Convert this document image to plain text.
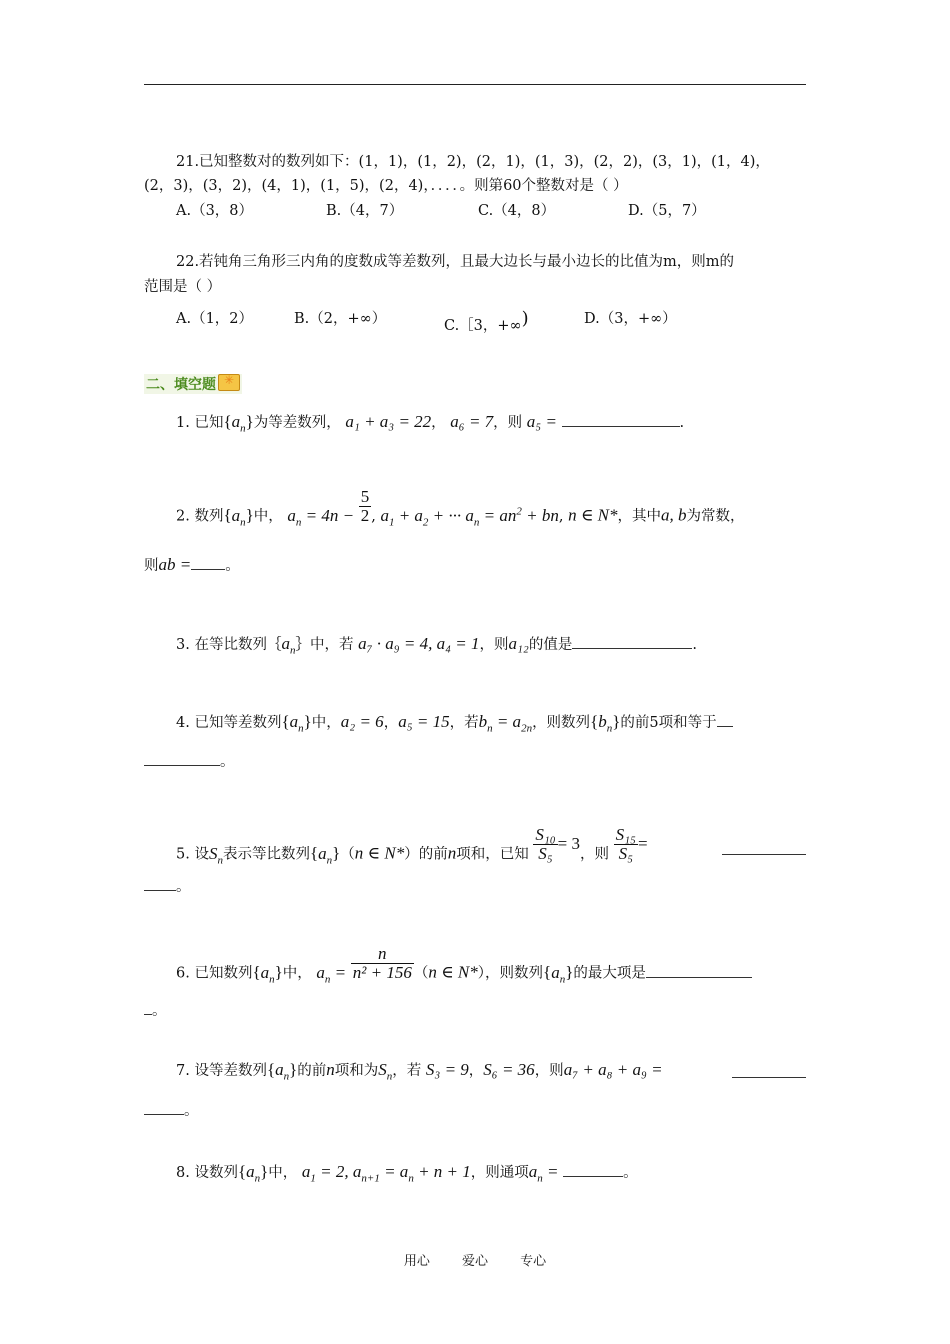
21.已知整数对的数列如下：(1，1)，(1，2)，(2，1)，(1，3)，(2，2)，(3，1)，(1，4)，
(2，3)，(3，2)，(4，1)，(1，5)，(2，4)，．．．．。则第60个整数对是（ ）
A.（3，8）	B.（4，7）	C.（4，8）	D.（5，7）
22.若钝角三角形三内角的度数成等差数列，且最大边长与最小边长的比值为m，则m的
范围是（ ）
A.（1，2）	B.（2，+∞）	C.［3，+∞)	D.（3，+∞）
二、填空题✳
1. 已知$\{a_n\}$为等差数列， a₁ + a₃ = 22， a₆ = 7，则 a₅ =	.
2. 数列$\{a_n\}$中， $a_n = 4n - \frac{5}{2}$ , $a_1 + a_2$ + ··· $a_n = an^2$ + bn, n ∈ N*，其中a, b为常数，
则ab = 。
3. 在等比数列$\{a_n\}$中，若 a₇ · a₉ = 4, a₄ = 1，则a₁₂的值是	.
4. 已知等差数列$\{a_n\}$中，a₂ = 6，a₅ = 15，若$b_n = a_{2n}$，则数列$\{b_n\}$的前5项和等于
。
5. 设$S_n$表示等比数列$\{a_n\}(n$ ∈ N*）的前n项和，已知 $\frac{\text{S₁₀}}{\text{S₅}} = 3$，则 $\frac{\text{S₁₅}}{\text{S₅}}$ =
。
6. 已知数列$\{a_n\}$中， $a_n = \frac{n}{\text{n² + 156}} (n$ ∈ N*），则数列$\{a_n\}$的最大项是
。
7. 设等差数列$\{a_n\}$的前n项和为$S_n$，若 S₃ = 9，S₆ = 36，则a₇ + a₈ + a₉ =
。
8. 设数列$\{a_n\}$中， $a_1 = 2$, $a_{n+1} = a_n + n + 1$，则通项$a_n$ =	。
用心 爱心 专心
